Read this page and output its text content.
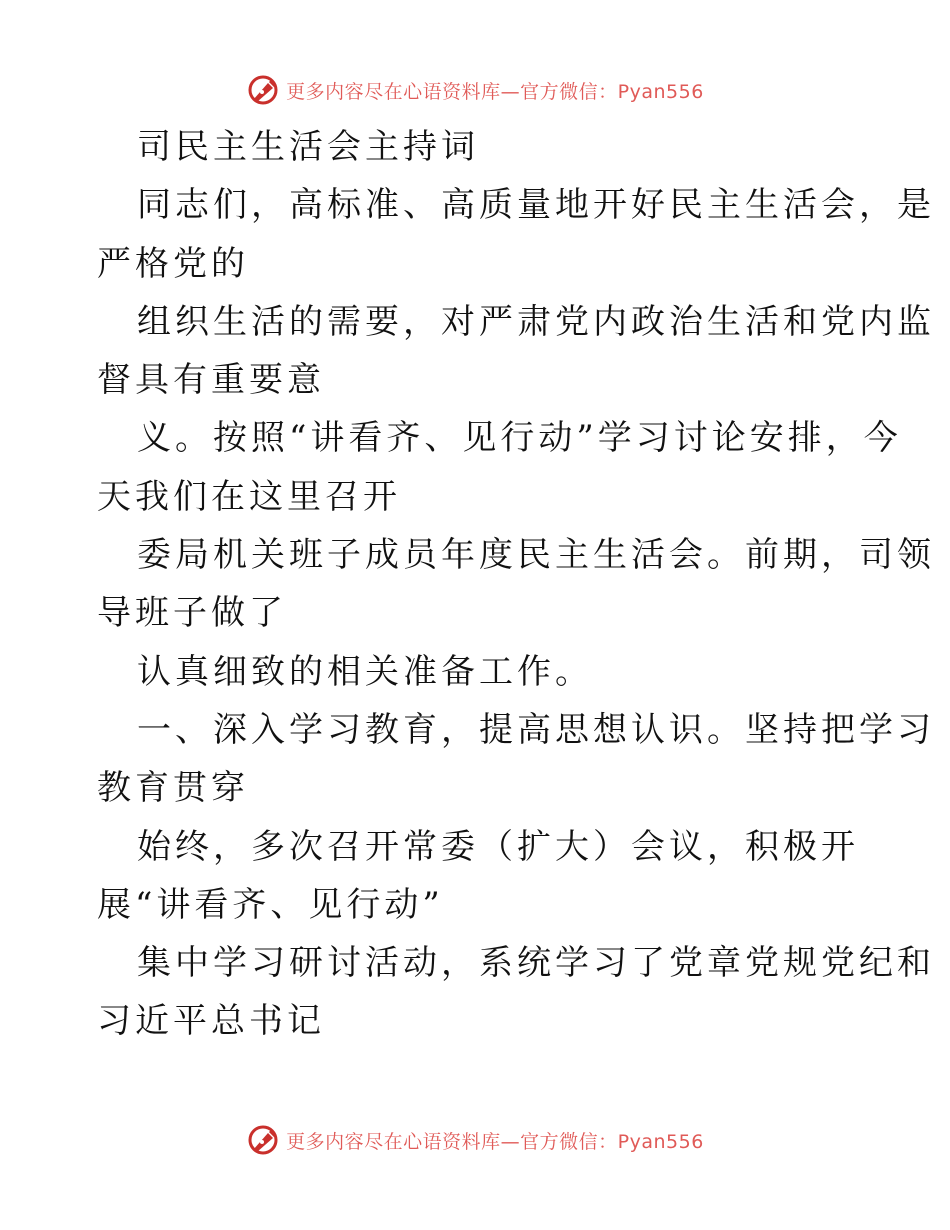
更多内容尽在心语资料库—官方微信：Pyan556
司民主生活会主持词
同志们，高标准、高质量地开好民主生活会，是
严格党的
组织生活的需要，对严肃党内政治生活和党内监
督具有重要意
义。按照“讲看齐、见行动”学习讨论安排，今
天我们在这里召开
委局机关班子成员年度民主生活会。前期，司领
导班子做了
认真细致的相关准备工作。
一、深入学习教育，提高思想认识。坚持把学习
教育贯穿
始终，多次召开常委（扩大）会议，积极开
展“讲看齐、见行动”
集中学习研讨活动，系统学习了党章党规党纪和
习近平总书记
更多内容尽在心语资料库—官方微信：Pyan556
